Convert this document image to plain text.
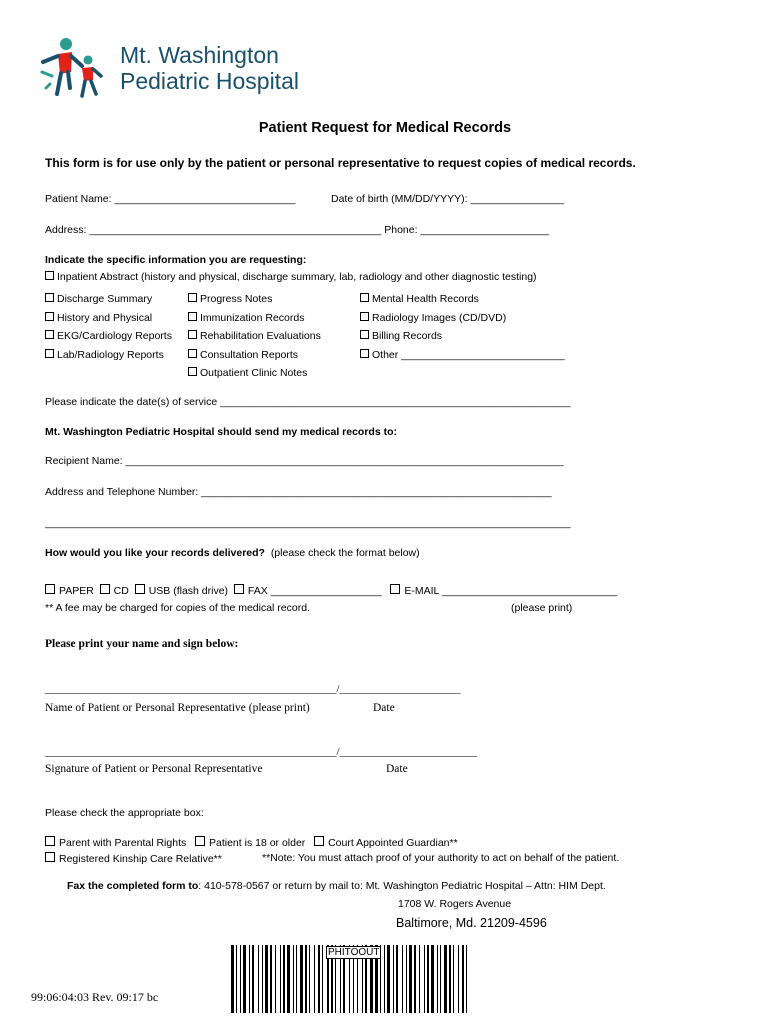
Mt. Washington
Pediatric Hospital
Patient Request for Medical Records
This form is for use only by the patient or personal representative to request copies of medical records.
Patient Name: _______________________________	Date of birth (MM/DD/YYYY): ________________
Address: __________________________________________________ Phone: ______________________
Indicate the specific information you are requesting:
Inpatient Abstract (history and physical, discharge summary, lab, radiology and other diagnostic testing)
Discharge Summary
History and Physical
EKG/Cardiology Reports
Lab/Radiology Reports
Progress Notes
Immunization Records
Rehabilitation Evaluations
Consultation Reports
Outpatient Clinic Notes
Mental Health Records
Radiology Images (CD/DVD)
Billing Records
Other ____________________________
Please indicate the date(s) of service ____________________________________________________________
Mt. Washington Pediatric Hospital should send my medical records to:
Recipient Name: ___________________________________________________________________________
Address and Telephone Number: ____________________________________________________________
__________________________________________________________________________________________
How would you like your records delivered? (please check the format below)
PAPER CD USB (flash drive) FAX ___________________ E-MAIL ______________________________
** A fee may be charged for copies of the medical record.	(please print)
Please print your name and sign below:
_____________________________________________________/______________________
Name of Patient or Personal Representative (please print)	Date
_____________________________________________________/_________________________
Signature of Patient or Personal Representative	Date
Please check the appropriate box:
Parent with Parental Rights Patient is 18 or older Court Appointed Guardian**
Registered Kinship Care Relative**	**Note: You must attach proof of your authority to act on behalf of the patient.
Fax the completed form to: 410-578-0567 or return by mail to: Mt. Washington Pediatric Hospital – Attn: HIM Dept.
1708 W. Rogers Avenue
Baltimore, Md. 21209-4596
PHITOOUT
99:06:04:03 Rev. 09:17 bc
